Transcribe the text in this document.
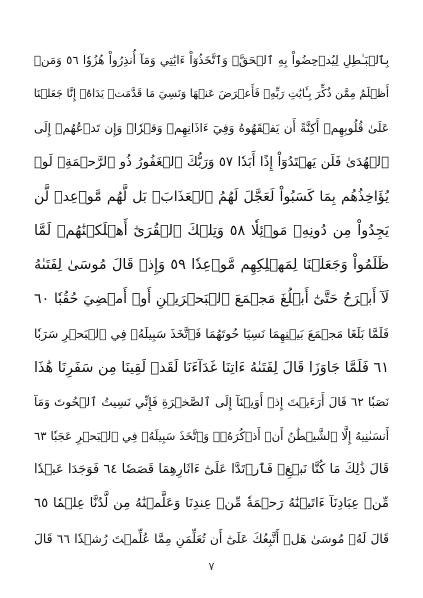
بِٱلۡبَـٰطِلِ لِيُدۡحِضُواْ بِهِ ٱلۡحَقَّۖ وَٱتَّخَذُوٓاْ ءَايَٰتِي وَمَآ أُنذِرُواْ هُزُوٗا ٥٦ وَمَنۡ
أَظۡلَمُ مِمَّن ذُكِّرَ بِـَٔايَٰتِ رَبِّهِۦ فَأَعۡرَضَ عَنۡهَا وَنَسِيَ مَا قَدَّمَتۡ يَدَاهُۚ إِنَّا جَعَلۡنَا
عَلَىٰ قُلُوبِهِمۡ أَكِنَّةً أَن يَفۡقَهُوهُ وَفِيٓ ءَاذَانِهِمۡ وَقۡرٗاۖ وَإِن تَدۡعُهُمۡ إِلَى
ٱلۡهُدَىٰ فَلَن يَهۡتَدُوٓاْ إِذًا أَبَدٗا ٥٧ وَرَبُّكَ ٱلۡغَفُورُ ذُو ٱلرَّحۡمَةِۖ لَوۡ
يُؤَاخِذُهُم بِمَا كَسَبُواْ لَعَجَّلَ لَهُمُ ٱلۡعَذَابَۚ بَل لَّهُم مَّوۡعِدٞ لَّن
يَجِدُواْ مِن دُونِهِۦ مَوۡئِلٗا ٥٨ وَتِلۡكَ ٱلۡقُرَىٰٓ أَهۡلَكۡنَٰهُمۡ لَمَّا
ظَلَمُواْ وَجَعَلۡنَا لِمَهۡلِكِهِم مَّوۡعِدٗا ٥٩ وَإِذۡ قَالَ مُوسَىٰ لِفَتَىٰهُ
لَآ أَبۡرَحُ حَتَّىٰٓ أَبۡلُغَ مَجۡمَعَ ٱلۡبَحۡرَيۡنِ أَوۡ أَمۡضِيَ حُقُبٗا ٦٠
فَلَمَّا بَلَغَا مَجۡمَعَ بَيۡنِهِمَا نَسِيَا حُوتَهُمَا فَٱتَّخَذَ سَبِيلَهُۥ فِي ٱلۡبَحۡرِ سَرَبٗا
٦١ فَلَمَّا جَاوَزَا قَالَ لِفَتَىٰهُ ءَاتِنَا غَدَآءَنَا لَقَدۡ لَقِينَا مِن سَفَرِنَا هَٰذَا
نَصَبٗا ٦٢ قَالَ أَرَءَيۡتَ إِذۡ أَوَيۡنَآ إِلَى ٱلصَّخۡرَةِ فَإِنِّي نَسِيتُ ٱلۡحُوتَ وَمَآ
أَنسَىٰنِيهُ إِلَّا ٱلشَّيۡطَٰنُ أَنۡ أَذۡكُرَهُۥۚ وَٱتَّخَذَ سَبِيلَهُۥ فِي ٱلۡبَحۡرِ عَجَبٗا ٦٣
قَالَ ذَٰلِكَ مَا كُنَّا نَبۡغِۚ فَٱرۡتَدَّا عَلَىٰٓ ءَاثَارِهِمَا قَصَصٗا ٦٤ فَوَجَدَا عَبۡدٗا
مِّنۡ عِبَادِنَآ ءَاتَيۡنَٰهُ رَحۡمَةٗ مِّنۡ عِندِنَا وَعَلَّمۡنَٰهُ مِن لَّدُنَّا عِلۡمٗا ٦٥
قَالَ لَهُۥ مُوسَىٰ هَلۡ أَتَّبِعُكَ عَلَىٰٓ أَن تُعَلِّمَنِ مِمَّا عُلِّمۡتَ رُشۡدٗا ٦٦ قَالَ
٧
